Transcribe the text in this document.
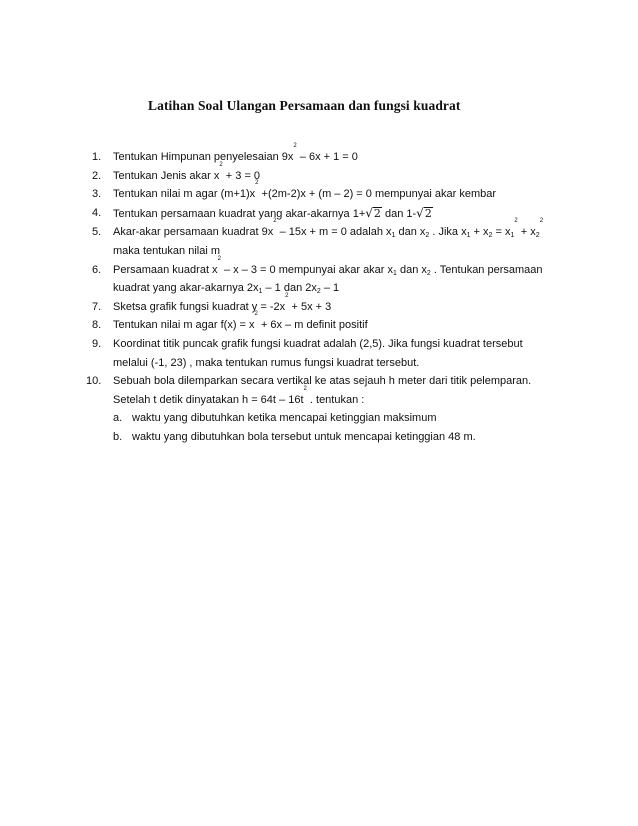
Latihan Soal Ulangan Persamaan dan fungsi kuadrat
1.	Tentukan Himpunan penyelesaian $9x^2 - 6x + 1 = 0$
2.	Tentukan Jenis akar $x^2 + 3 = 0$
3.	Tentukan nilai m agar $(m+1)x^2 +(2m-2)x + (m - 2) = 0$ mempunyai akar kembar
4.	Tentukan persamaan kuadrat yang akar-akarnya 1+√2 dan 1-√2
5.	Akar-akar persamaan kuadrat $9x^2 - 15x + m = 0$ adalah $x_1$ dan $x_2$ . Jika $x_1 + x_2 = x_1^2 + x_2^2$
maka tentukan nilai m
6.	Persamaan kuadrat $x^2 - x - 3 = 0$ mempunyai akar akar $x_1$ dan $x_2$ . Tentukan persamaan
kuadrat yang akar-akarnya $2x_1 - 1$ dan $2x_2 - 1$
7.	Sketsa grafik fungsi kuadrat $y = -2x^2 + 5x + 3$
8.	Tentukan nilai m agar $f(x) = x^2 + 6x - m$ definit positif
9.	Koordinat titik puncak grafik fungsi kuadrat adalah (2,5). Jika fungsi kuadrat tersebut
melalui (-1, 23) , maka tentukan rumus fungsi kuadrat tersebut.
10.	Sebuah bola dilemparkan secara vertikal ke atas sejauh h meter dari titik pelemparan.
Setelah t detik dinyatakan $h = 64t - 16t^2$ . tentukan :
a. waktu yang dibutuhkan ketika mencapai ketinggian maksimum
b. waktu yang dibutuhkan bola tersebut untuk mencapai ketinggian 48 m.
